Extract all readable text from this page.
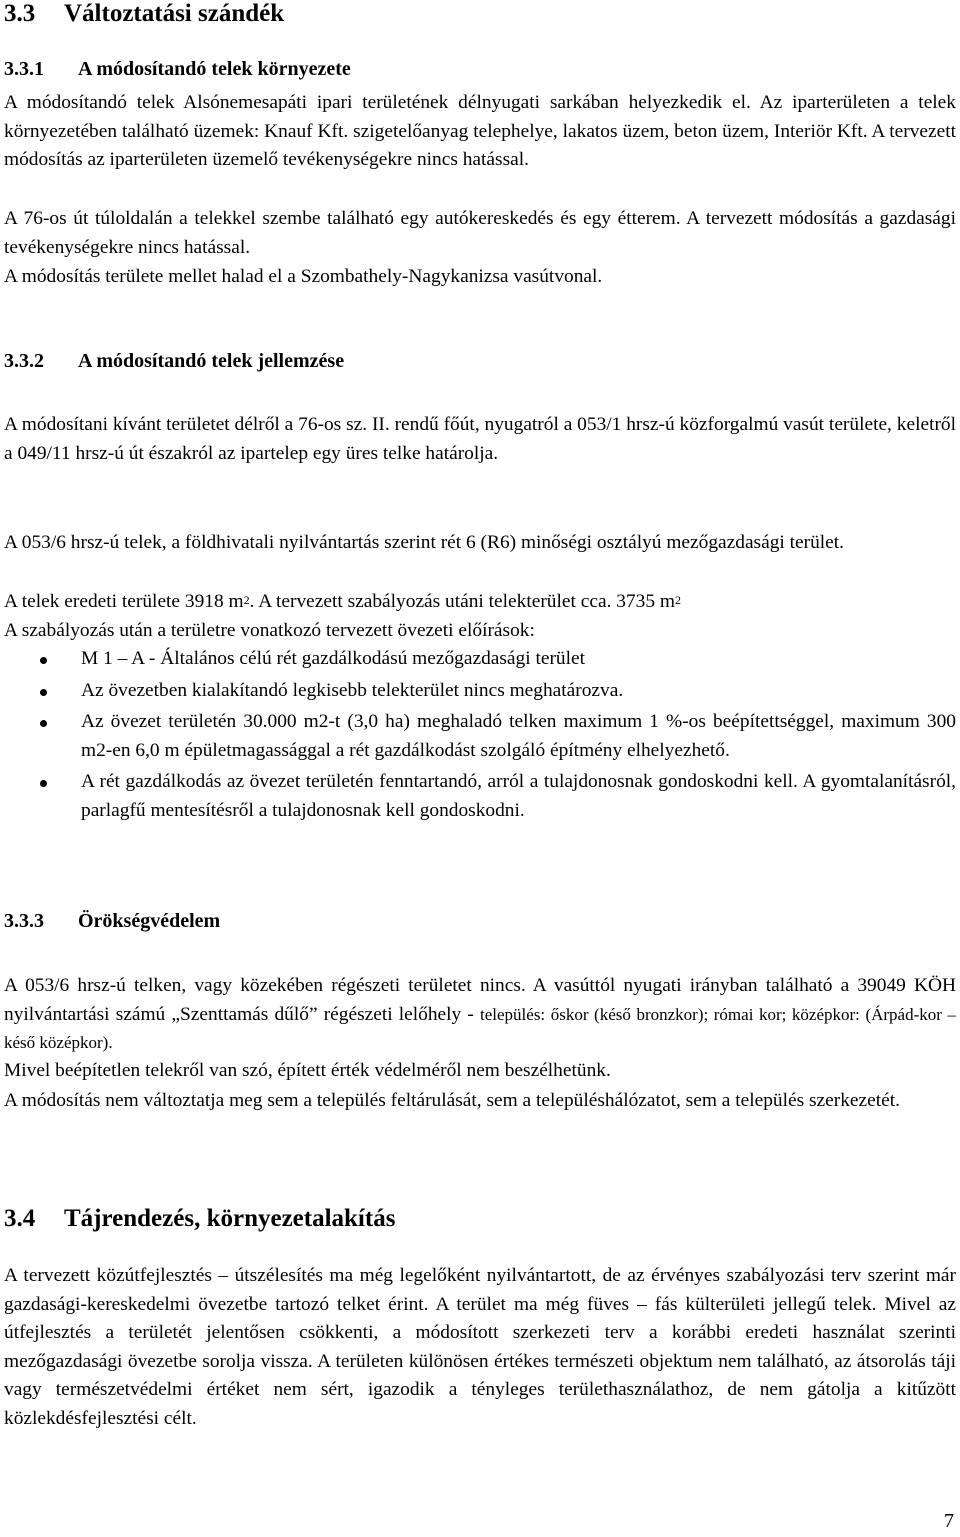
3.3 Változtatási szándék
3.3.1 A módosítandó telek környezete
A módosítandó telek Alsónemesapáti ipari területének délnyugati sarkában helyezkedik el. Az iparterületen a telek környezetében található üzemek: Knauf Kft. szigetelőanyag telephelye, lakatos üzem, beton üzem, Interiör Kft. A tervezett módosítás az iparterületen üzemelő tevékenységekre nincs hatással.
A 76-os út túloldalán a telekkel szembe található egy autókereskedés és egy étterem. A tervezett módosítás a gazdasági tevékenységekre nincs hatással.
A módosítás területe mellet halad el a Szombathely-Nagykanizsa vasútvonal.
3.3.2 A módosítandó telek jellemzése
A módosítani kívánt területet délről a 76-os sz. II. rendű főút, nyugatról a 053/1 hrsz-ú közforgalmú vasút területe, keletről a 049/11 hrsz-ú út északról az ipartelep egy üres telke határolja.
A 053/6 hrsz-ú telek, a földhivatali nyilvántartás szerint rét 6 (R6) minőségi osztályú mezőgazdasági terület.
A telek eredeti területe 3918 $m^2$. A tervezett szabályozás utáni telekterület cca. 3735 $m^2$
A szabályozás után a területre vonatkozó tervezett övezeti előírások:
M 1 – A - Általános célú rét gazdálkodású mezőgazdasági terület
Az övezetben kialakítandó legkisebb telekterület nincs meghatározva.
Az övezet területén 30.000 m2-t (3,0 ha) meghaladó telken maximum 1 %-os beépítettséggel, maximum 300 m2-en 6,0 m épületmagassággal a rét gazdálkodást szolgáló építmény elhelyezhető.
A rét gazdálkodás az övezet területén fenntartandó, arról a tulajdonosnak gondoskodni kell. A gyomtalanításról, parlagfű mentesítésről a tulajdonosnak kell gondoskodni.
3.3.3 Örökségvédelem
A 053/6 hrsz-ú telken, vagy közekében régészeti területet nincs. A vasúttól nyugati irányban található a 39049 KÖH nyilvántartási számú „Szenttamás dűlő” régészeti lelőhely - település: őskor (késő bronzkor); római kor; középkor: (Árpád-kor – késő középkor).
Mivel beépítetlen telekről van szó, épített érték védelméről nem beszélhetünk.
A módosítás nem változtatja meg sem a település feltárulását, sem a településhálózatot, sem a település szerkezetét.
3.4 Tájrendezés, környezetalakítás
A tervezett közútfejlesztés – útszélesítés ma még legelőként nyilvántartott, de az érvényes szabályozási terv szerint már gazdasági-kereskedelmi övezetbe tartozó telket érint. A terület ma még füves – fás külterületi jellegű telek. Mivel az útfejlesztés a területét jelentősen csökkenti, a módosított szerkezeti terv a korábbi eredeti használat szerinti mezőgazdasági övezetbe sorolja vissza. A területen különösen értékes természeti objektum nem található, az átsorolás táji vagy természetvédelmi értéket nem sért, igazodik a tényleges területhasználathoz, de nem gátolja a kitűzött közlekdésfejlesztési célt.
7
